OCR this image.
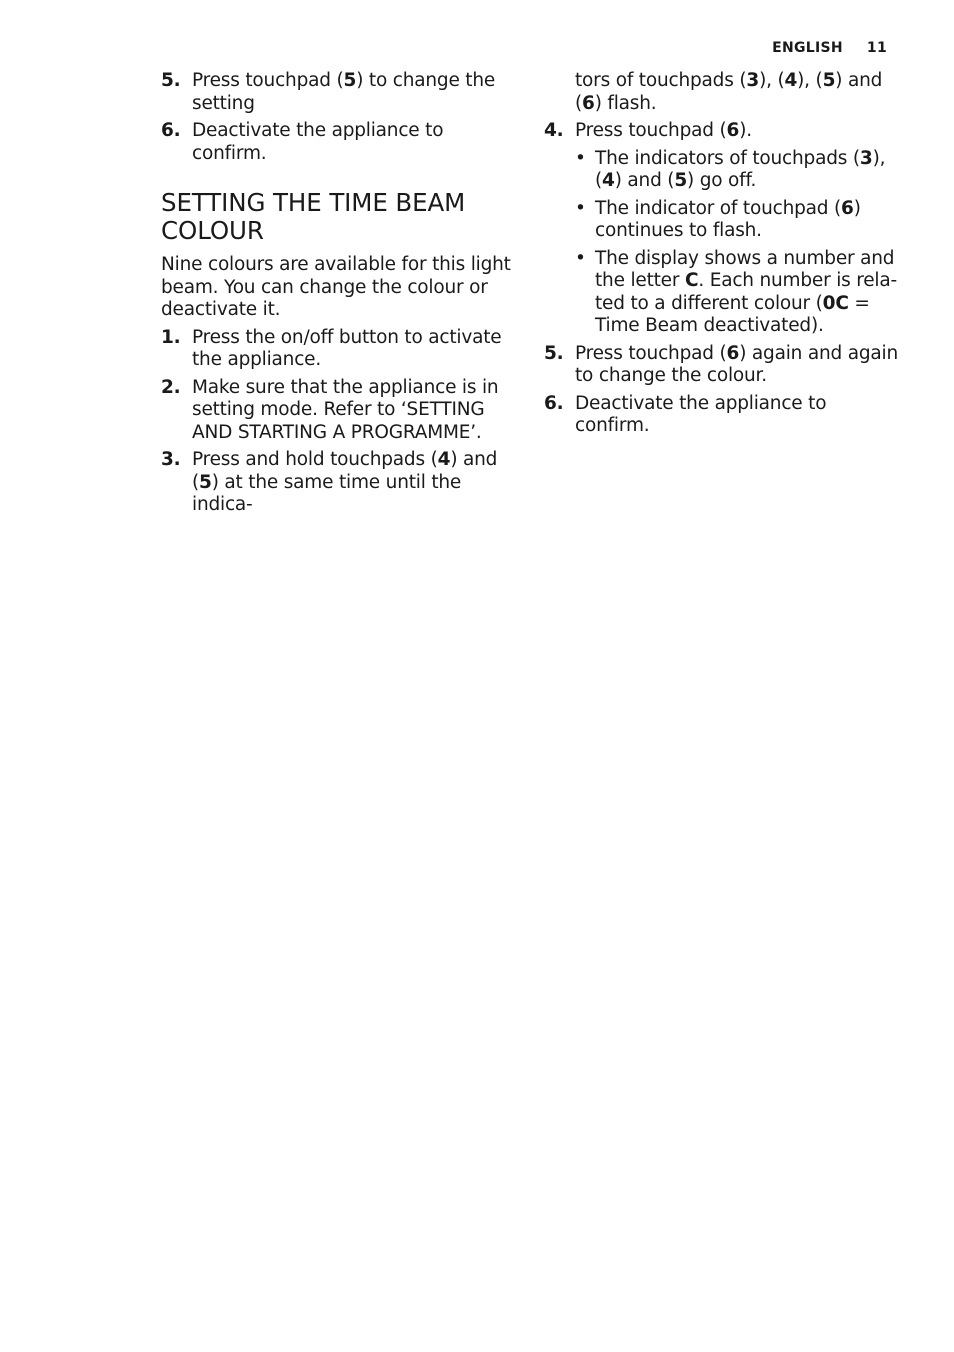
ENGLISH 11
5. Press touchpad (5) to change the setting
6. Deactivate the appliance to confirm.
SETTING THE TIME BEAM COLOUR
Nine colours are available for this light beam. You can change the colour or deactivate it.
1. Press the on/off button to activate the appliance.
2. Make sure that the appliance is in setting mode. Refer to ‘SETTING AND STARTING A PROGRAMME’.
3. Press and hold touchpads (4) and (5) at the same time until the indica-
tors of touchpads (3), (4), (5) and (6) flash.
4. Press touchpad (6).
• The indicators of touchpads (3), (4) and (5) go off.
• The indicator of touchpad (6) continues to flash.
• The display shows a number and the letter C. Each number is rela-ted to a different colour (0C = Time Beam deactivated).
5. Press touchpad (6) again and again to change the colour.
6. Deactivate the appliance to confirm.
